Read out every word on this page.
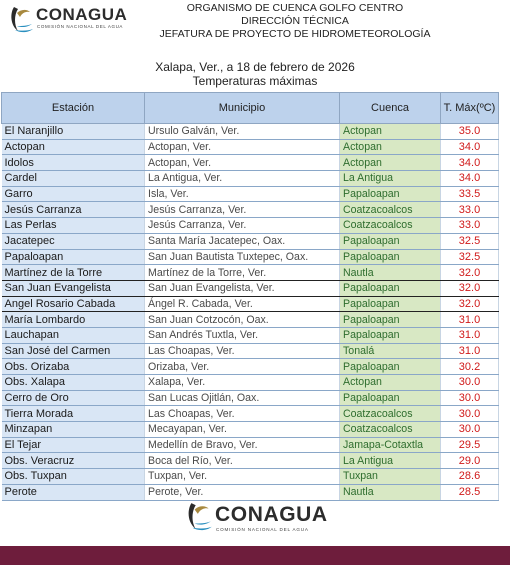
CONAGUA
COMISIÓN NACIONAL DEL AGUA
ORGANISMO DE CUENCA GOLFO CENTRO
DIRECCIÓN TÉCNICA
JEFATURA DE PROYECTO DE HIDROMETEOROLOGÍA
Xalapa, Ver., a 18 de febrero de 2026
Temperaturas máximas
Estación	Municipio	Cuenca	T. Máx(ºC)
El Naranjillo	Ursulo Galván, Ver.	Actopan	35.0
Actopan	Actopan, Ver.	Actopan	34.0
Idolos	Actopan, Ver.	Actopan	34.0
Cardel	La Antigua, Ver.	La Antigua	34.0
Garro	Isla, Ver.	Papaloapan	33.5
Jesús Carranza	Jesús Carranza, Ver.	Coatzacoalcos	33.0
Las Perlas	Jesús Carranza, Ver.	Coatzacoalcos	33.0
Jacatepec	Santa María Jacatepec, Oax.	Papaloapan	32.5
Papaloapan	San Juan Bautista Tuxtepec, Oax.	Papaloapan	32.5
Martínez de la Torre	Martínez de la Torre, Ver.	Nautla	32.0
San Juan Evangelista	San Juan Evangelista, Ver.	Papaloapan	32.0
Angel Rosario Cabada	Ángel R. Cabada, Ver.	Papaloapan	32.0
María Lombardo	San Juan Cotzocón, Oax.	Papaloapan	31.0
Lauchapan	San Andrés Tuxtla, Ver.	Papaloapan	31.0
San José del Carmen	Las Choapas, Ver.	Tonalá	31.0
Obs. Orizaba	Orizaba, Ver.	Papaloapan	30.2
Obs. Xalapa	Xalapa, Ver.	Actopan	30.0
Cerro de Oro	San Lucas Ojitlán, Oax.	Papaloapan	30.0
Tierra Morada	Las Choapas, Ver.	Coatzacoalcos	30.0
Minzapan	Mecayapan, Ver.	Coatzacoalcos	30.0
El Tejar	Medellín de Bravo, Ver.	Jamapa-Cotaxtla	29.5
Obs. Veracruz	Boca del Río, Ver.	La Antigua	29.0
Obs. Tuxpan	Tuxpan, Ver.	Tuxpan	28.6
Perote	Perote, Ver.	Nautla	28.5
CONAGUA
COMISIÓN NACIONAL DEL AGUA
